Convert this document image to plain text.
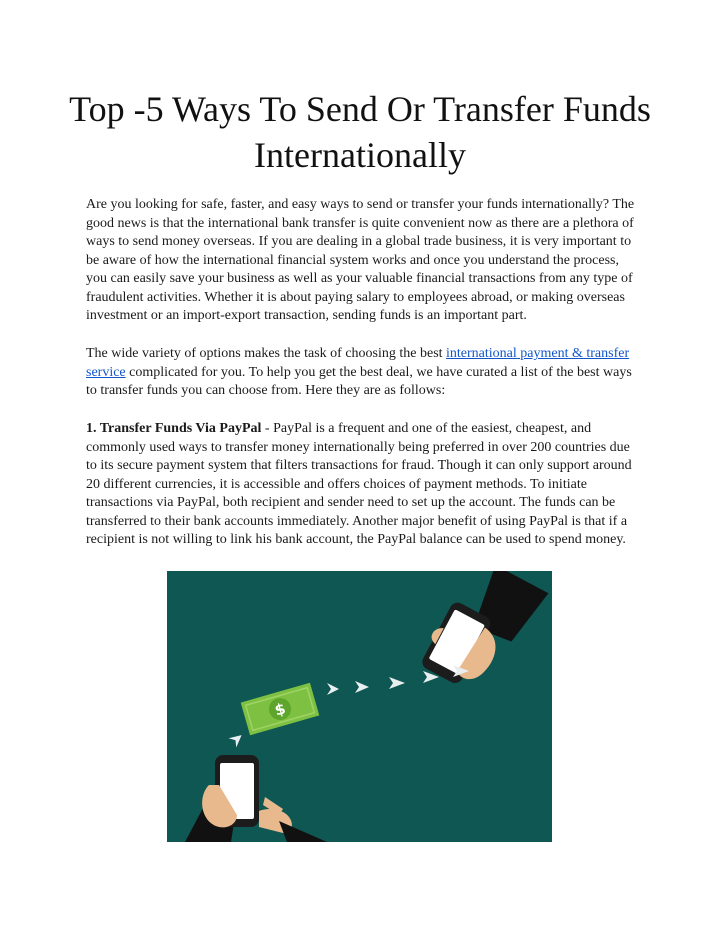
Top -5 Ways To Send Or Transfer Funds Internationally

Are you looking for safe, faster, and easy ways to send or transfer your funds internationally? The good news is that the international bank transfer is quite convenient now as there are a plethora of ways to send money overseas. If you are dealing in a global trade business, it is very important to be aware of how the international financial system works and once you understand the process, you can easily save your business as well as your valuable financial transactions from any type of fraudulent activities. Whether it is about paying salary to employees abroad, or making overseas investment or an import-export transaction, sending funds is an important part.

The wide variety of options makes the task of choosing the best international payment & transfer service complicated for you. To help you get the best deal, we have curated a list of the best ways to transfer funds you can choose from. Here they are as follows:

1. Transfer Funds Via PayPal - PayPal is a frequent and one of the easiest, cheapest, and commonly used ways to transfer money internationally being preferred in over 200 countries due to its secure payment system that filters transactions for fraud. Though it can only support around 20 different currencies, it is accessible and offers choices of payment methods. To initiate transactions via PayPal, both recipient and sender need to set up the account. The funds can be transferred to their bank accounts immediately. Another major benefit of using PayPal is that if a recipient is not willing to link his bank account, the PayPal balance can be used to spend money.

$
